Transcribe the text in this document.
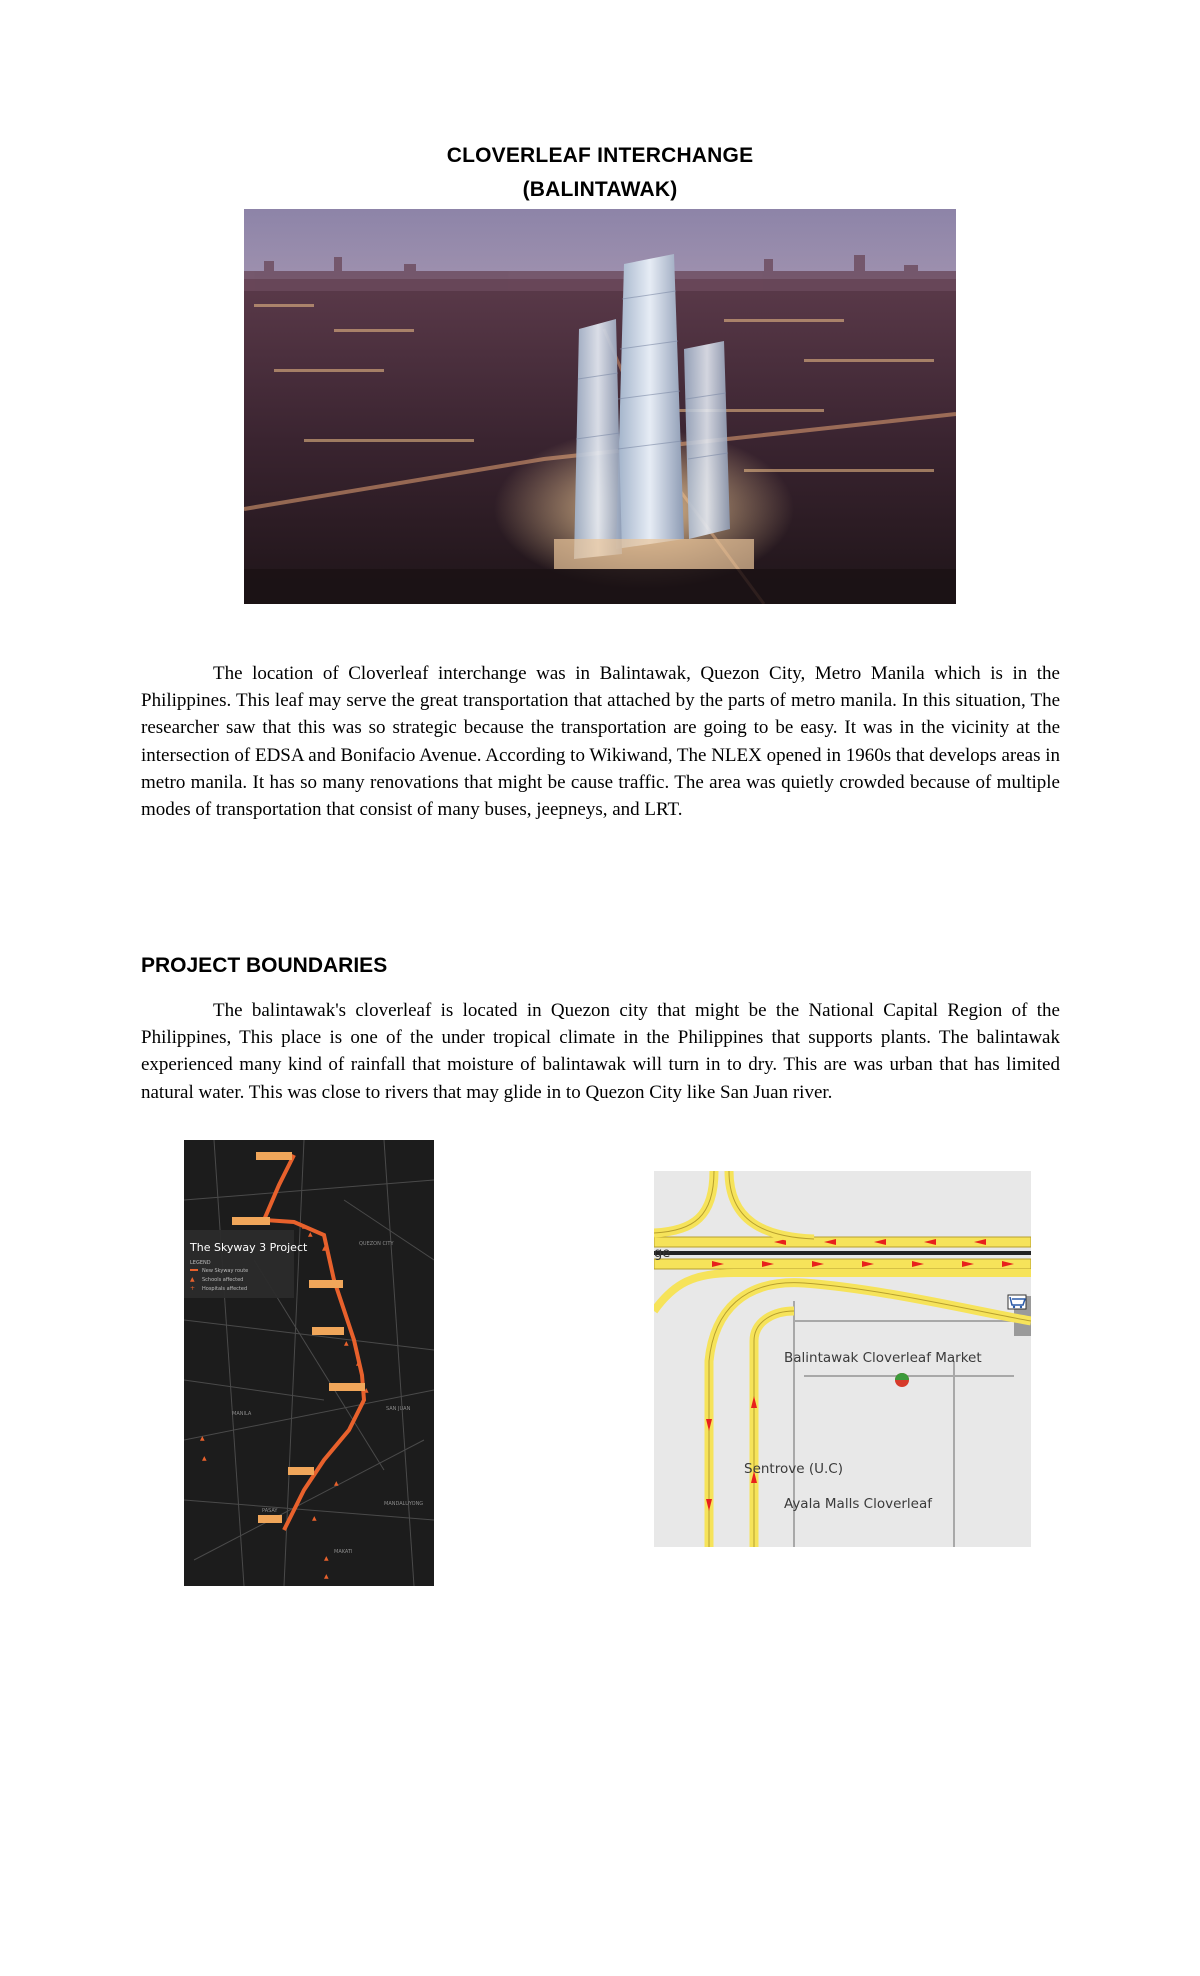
CLOVERLEAF INTERCHANGE
(BALINTAWAK)

The location of Cloverleaf interchange was in Balintawak, Quezon City, Metro Manila which is in the Philippines. This leaf may serve the great transportation that attached by the parts of metro manila. In this situation, The researcher saw that this was so strategic because the transportation are going to be easy. It was in the vicinity at the intersection of EDSA and Bonifacio Avenue. According to Wikiwand, The NLEX opened in 1960s that develops areas in metro manila. It has so many renovations that might be cause traffic. The area was quietly crowded because of multiple modes of transportation that consist of many buses, jeepneys, and LRT.

PROJECT BOUNDARIES

The balintawak's cloverleaf is located in Quezon city that might be the National Capital Region of the Philippines, This place is one of the under tropical climate in the Philippines that supports plants. The balintawak experienced many kind of rainfall that moisture of balintawak will turn in to dry. This are was urban that has limited natural water. This was close to rivers that may glide in to Quezon City like San Juan river.

The Skyway 3 Project
LEGEND
New Skyway route
▲ Schools affected
+ Hospitals affected
QUEZON CITY
MANILA
SAN JUAN
MANDALUYONG
MAKATI
PASAY
▲
▲
▲
▲
▲
▲
▲
▲
▲
▲
▲
▲
ge
Balintawak Cloverleaf Market
Sentrove (U.C)
Ayala Malls Cloverleaf
